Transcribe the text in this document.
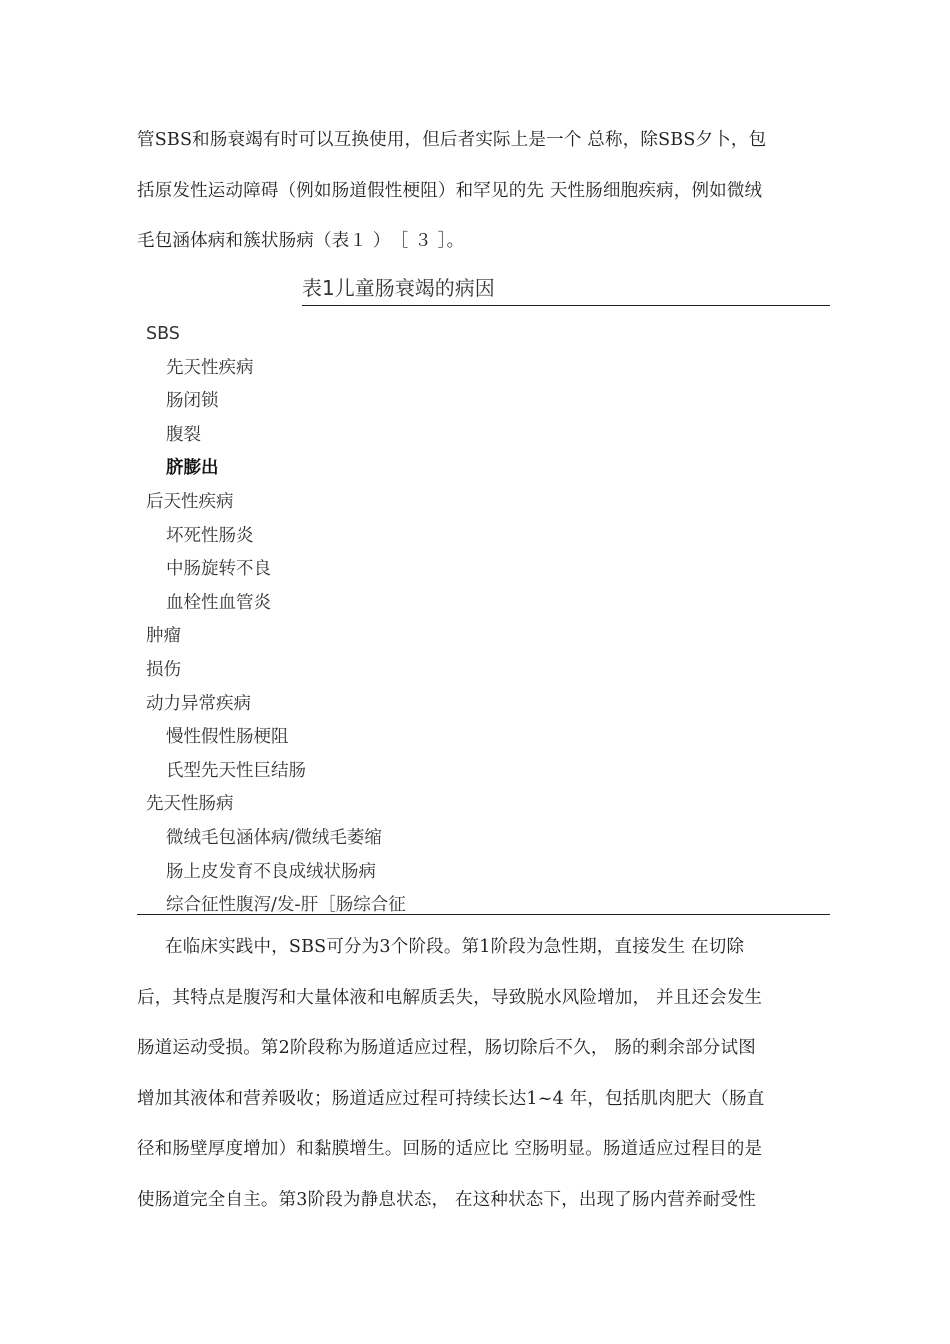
管SBS和肠衰竭有时可以互换使用，但后者实际上是一个 总称，除SBS夕卜，包
括原发性运动障碍（例如肠道假性梗阻）和罕见的先 天性肠细胞疾病，例如微绒
毛包涵体病和簇状肠病（表１ ）　［ ３ ］。
表1儿童肠衰竭的病因
SBS
先天性疾病
肠闭锁
腹裂
脐膨出
后天性疾病
坏死性肠炎
中肠旋转不良
血栓性血管炎
肿瘤
损伤
动力异常疾病
慢性假性肠梗阻
氏型先天性巨结肠
先天性肠病
微绒毛包涵体病/微绒毛萎缩
肠上皮发育不良成绒状肠病
综合征性腹泻/发-肝［肠综合征
在临床实践中，SBS可分为3个阶段。第1阶段为急性期，直接发生 在切除
后，其特点是腹泻和大量体液和电解质丢失，导致脱水风险增加， 并且还会发生
肠道运动受损。第2阶段称为肠道适应过程，肠切除后不久， 肠的剩余部分试图
增加其液体和营养吸收；肠道适应过程可持续长达1~4 年，包括肌肉肥大（肠直
径和肠壁厚度增加）和黏膜增生。回肠的适应比 空肠明显。肠道适应过程目的是
使肠道完全自主。第3阶段为静息状态， 在这种状态下，出现了肠内营养耐受性
